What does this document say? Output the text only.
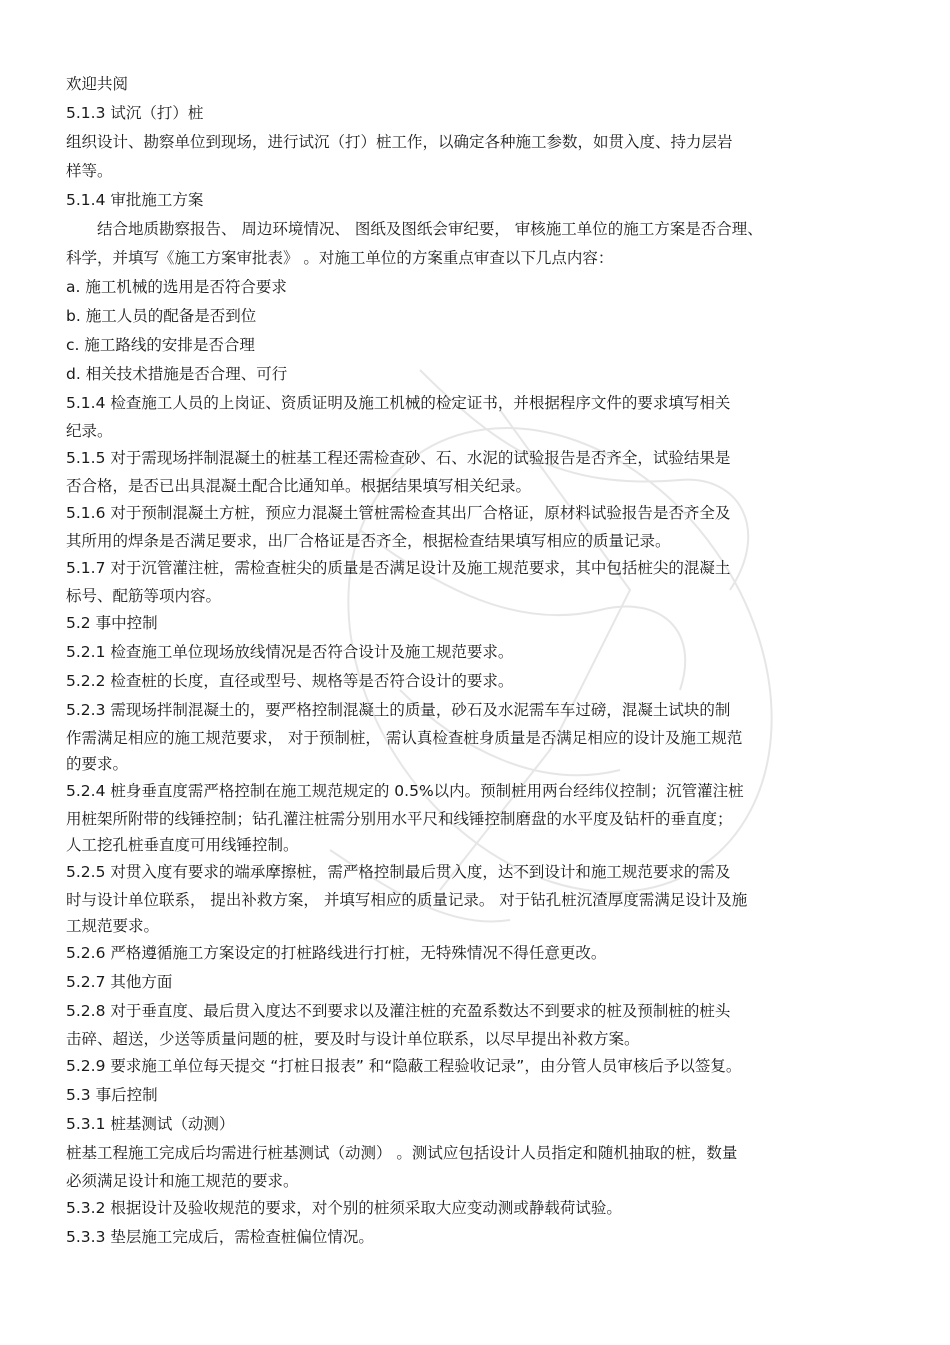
欢迎共阅
5.1.3 试沉（打）桩
组织设计、勘察单位到现场，进行试沉（打）桩工作，以确定各种施工参数，如贯入度、持力层岩
样等。
5.1.4 审批施工方案
　　结合地质勘察报告、 周边环境情况、 图纸及图纸会审纪要， 审核施工单位的施工方案是否合理、
科学，并填写《施工方案审批表》 。对施工单位的方案重点审查以下几点内容：
a. 施工机械的选用是否符合要求
b. 施工人员的配备是否到位
c. 施工路线的安排是否合理
d. 相关技术措施是否合理、可行
5.1.4 检查施工人员的上岗证、资质证明及施工机械的检定证书，并根据程序文件的要求填写相关
纪录。
5.1.5 对于需现场拌制混凝土的桩基工程还需检查砂、石、水泥的试验报告是否齐全，试验结果是
否合格，是否已出具混凝土配合比通知单。根据结果填写相关纪录。
5.1.6 对于预制混凝土方桩，预应力混凝土管桩需检查其出厂合格证，原材料试验报告是否齐全及
其所用的焊条是否满足要求，出厂合格证是否齐全，根据检查结果填写相应的质量记录。
5.1.7 对于沉管灌注桩，需检查桩尖的质量是否满足设计及施工规范要求，其中包括桩尖的混凝土
标号、配筋等项内容。
5.2 事中控制
5.2.1 检查施工单位现场放线情况是否符合设计及施工规范要求。
5.2.2 检查桩的长度，直径或型号、规格等是否符合设计的要求。
5.2.3 需现场拌制混凝土的，要严格控制混凝土的质量，砂石及水泥需车车过磅，混凝土试块的制
作需满足相应的施工规范要求， 对于预制桩， 需认真检查桩身质量是否满足相应的设计及施工规范
的要求。
5.2.4 桩身垂直度需严格控制在施工规范规定的 0.5%以内。预制桩用两台经纬仪控制；沉管灌注桩
用桩架所附带的线锤控制；钻孔灌注桩需分别用水平尺和线锤控制磨盘的水平度及钻杆的垂直度；
人工挖孔桩垂直度可用线锤控制。
5.2.5 对贯入度有要求的端承摩擦桩，需严格控制最后贯入度，达不到设计和施工规范要求的需及
时与设计单位联系， 提出补救方案， 并填写相应的质量记录。 对于钻孔桩沉渣厚度需满足设计及施
工规范要求。
5.2.6 严格遵循施工方案设定的打桩路线进行打桩，无特殊情况不得任意更改。
5.2.7 其他方面
5.2.8 对于垂直度、最后贯入度达不到要求以及灌注桩的充盈系数达不到要求的桩及预制桩的桩头
击碎、超送，少送等质量问题的桩，要及时与设计单位联系，以尽早提出补救方案。
5.2.9 要求施工单位每天提交 “打桩日报表” 和“隐蔽工程验收记录”，由分管人员审核后予以签复。
5.3 事后控制
5.3.1 桩基测试（动测）
桩基工程施工完成后均需进行桩基测试（动测） 。测试应包括设计人员指定和随机抽取的桩，数量
必须满足设计和施工规范的要求。
5.3.2 根据设计及验收规范的要求，对个别的桩须采取大应变动测或静载荷试验。
5.3.3 垫层施工完成后，需检查桩偏位情况。
